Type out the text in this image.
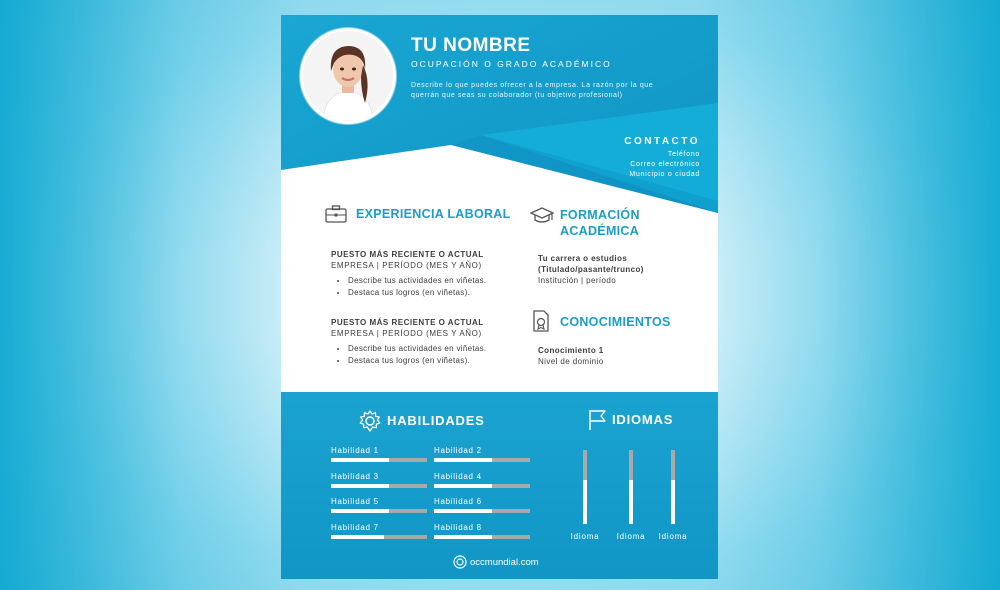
TU NOMBRE
OCUPACIÓN O GRADO ACADÉMICO
Describe lo que puedes ofrecer a la empresa. La razón por la que querrán que seas su colaborador (tu objetivo profesional)
CONTACTO
Teléfono
Correo electrónico
Municipio o ciudad
EXPERIENCIA LABORAL
PUESTO MÁS RECIENTE O ACTUAL
EMPRESA | PERÍODO (MES Y AÑO)
• Describe tus actividades en viñetas.
• Destaca tus logros (en viñetas).
PUESTO MÁS RECIENTE O ACTUAL
EMPRESA | PERÍODO (MES Y AÑO)
• Describe tus actividades en viñetas.
• Destaca tus logros (en viñetas).
FORMACIÓN
ACADÉMICA
Tu carrera o estudios
(Titulado/pasante/trunco)
Institución | período
CONOCIMIENTOS
Conocimiento 1
Nivel de dominio
HABILIDADES
Habilidad 1	Habilidad 2
Habilidad 3	Habilidad 4
Habilidad 5	Habilidad 6
Habilidad 7	Habilidad 8
IDIOMAS
Idioma	Idioma	Idioma
occmundial.com
